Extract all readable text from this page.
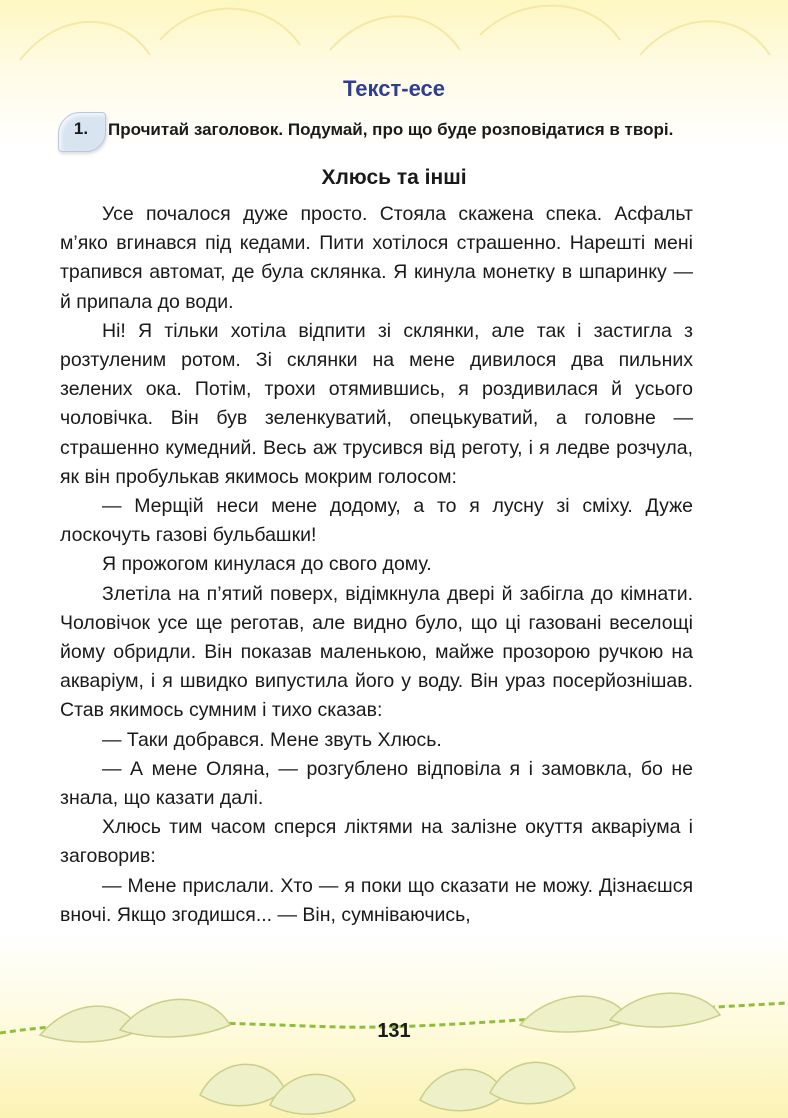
Текст-есе
1.	Прочитай заголовок. Подумай, про що буде розповідатися в творі.
Хлюсь та інші

Усе почалося дуже просто. Стояла скажена спека. Асфальт м’яко вгинався під кедами. Пити хотілося страшенно. Нарешті мені трапився автомат, де була склянка. Я кинула монетку в шпаринку — й припала до води.

Ні! Я тільки хотіла відпити зі склянки, але так і застигла з розтуленим ротом. Зі склянки на мене дивилося два пильних зелених ока. Потім, трохи отямившись, я роздивилася й усього чоловічка. Він був зеленкуватий, опецькуватий, а головне — страшенно кумедний. Весь аж трусився від реготу, і я ледве розчула, як він пробулькав якимось мокрим голосом:

— Мерщій неси мене додому, а то я лусну зі сміху. Дуже лоскочуть газові бульбашки!

Я прожогом кинулася до свого дому.

Злетіла на п’ятий поверх, відімкнула двері й забігла до кімнати. Чоловічок усе ще реготав, але видно було, що ці газовані веселощі йому обридли. Він показав маленькою, майже прозорою ручкою на акваріум, і я швидко випустила його у воду. Він ураз посерйознішав. Став якимось сумним і тихо сказав:

— Таки добрався. Мене звуть Хлюсь.

— А мене Оляна, — розгублено відповіла я і замовкла, бо не знала, що казати далі.

Хлюсь тим часом сперся ліктями на залізне окуття акваріума і заговорив:

— Мене прислали. Хто — я поки що сказати не можу. Дізнаєшся вночі. Якщо згодишся... — Він, сумніваючись,

131
